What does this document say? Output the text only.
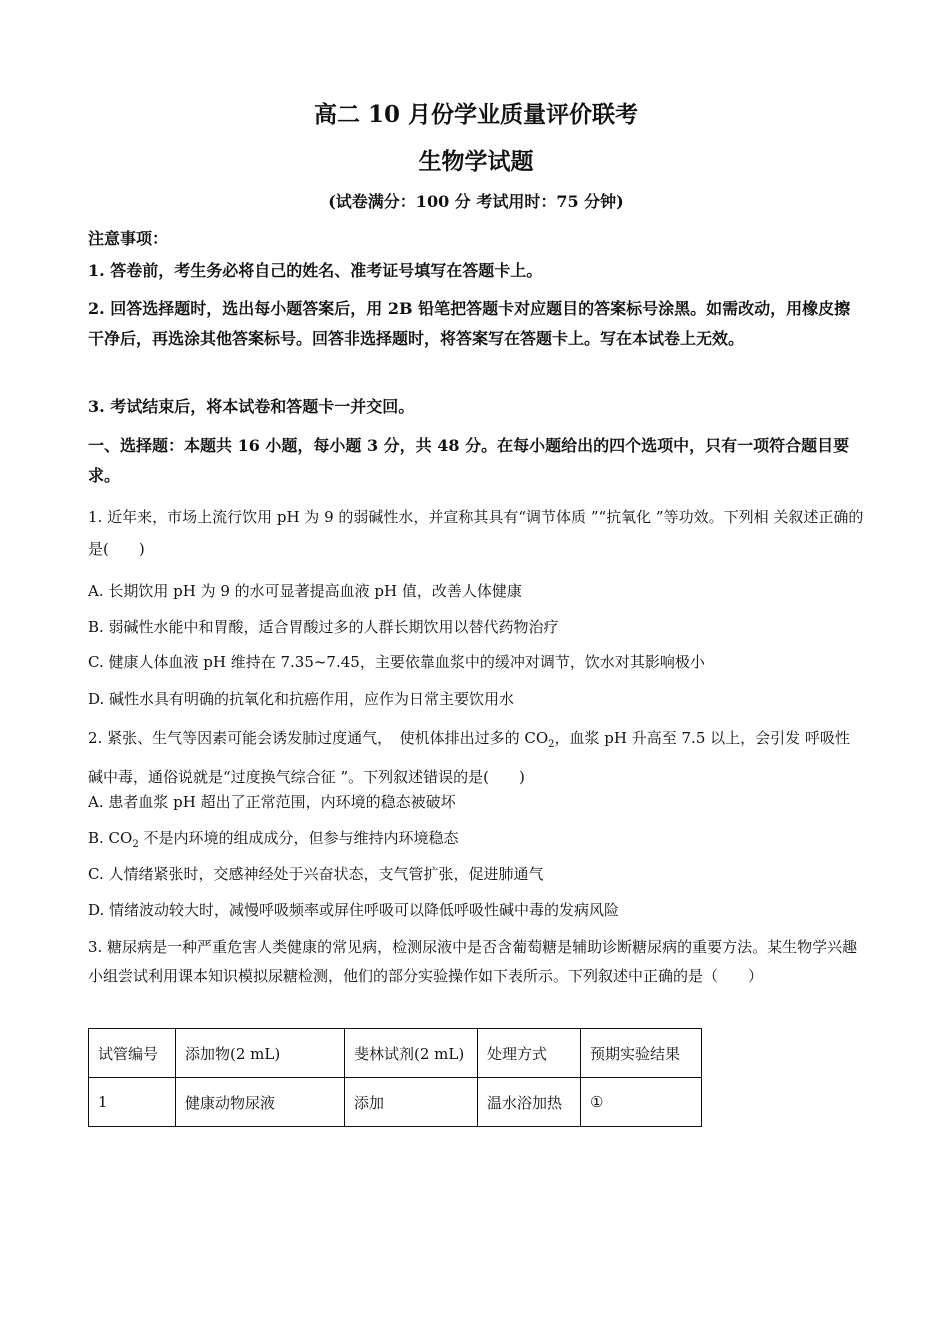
高二 10 月份学业质量评价联考
生物学试题
(试卷满分：100 分 考试用时：75 分钟)
注意事项：
1. 答卷前，考生务必将自己的姓名、准考证号填写在答题卡上。
2. 回答选择题时，选出每小题答案后，用 2B 铅笔把答题卡对应题目的答案标号涂黑。如需改动，用橡皮擦干净后，再选涂其他答案标号。回答非选择题时，将答案写在答题卡上。写在本试卷上无效。
3. 考试结束后，将本试卷和答题卡一并交回。
一、选择题：本题共 16 小题，每小题 3 分，共 48 分。在每小题给出的四个选项中，只有一项符合题目要求。
1. 近年来，市场上流行饮用 pH 为 9 的弱碱性水，并宣称其具有“调节体质 ”“抗氧化 ”等功效。下列相 关叙述正确的是(　　)
A. 长期饮用 pH 为 9 的水可显著提高血液 pH 值，改善人体健康
B. 弱碱性水能中和胃酸，适合胃酸过多的人群长期饮用以替代药物治疗
C. 健康人体血液 pH 维持在 7.35~7.45，主要依靠血浆中的缓冲对调节，饮水对其影响极小
D. 碱性水具有明确的抗氧化和抗癌作用，应作为日常主要饮用水
2. 紧张、生气等因素可能会诱发肺过度通气，　使机体排出过多的 $CO_2$，血浆 pH 升高至 7.5 以上，会引发 呼吸性碱中毒，通俗说就是“过度换气综合征 ”。下列叙述错误的是(　　)
A. 患者血浆 pH 超出了正常范围，内环境的稳态被破坏
B. $CO_2$ 不是内环境的组成成分，但参与维持内环境稳态
C. 人情绪紧张时，交感神经处于兴奋状态，支气管扩张，促进肺通气
D. 情绪波动较大时，减慢呼吸频率或屏住呼吸可以降低呼吸性碱中毒的发病风险
3. 糖尿病是一种严重危害人类健康的常见病，检测尿液中是否含葡萄糖是辅助诊断糖尿病的重要方法。某生物学兴趣小组尝试利用课本知识模拟尿糖检测，他们的部分实验操作如下表所示。下列叙述中正确的是（　　）
试管编号	添加物(2 mL)	斐林试剂(2 mL)	处理方式	预期实验结果
1	健康动物尿液	添加	温水浴加热	①
